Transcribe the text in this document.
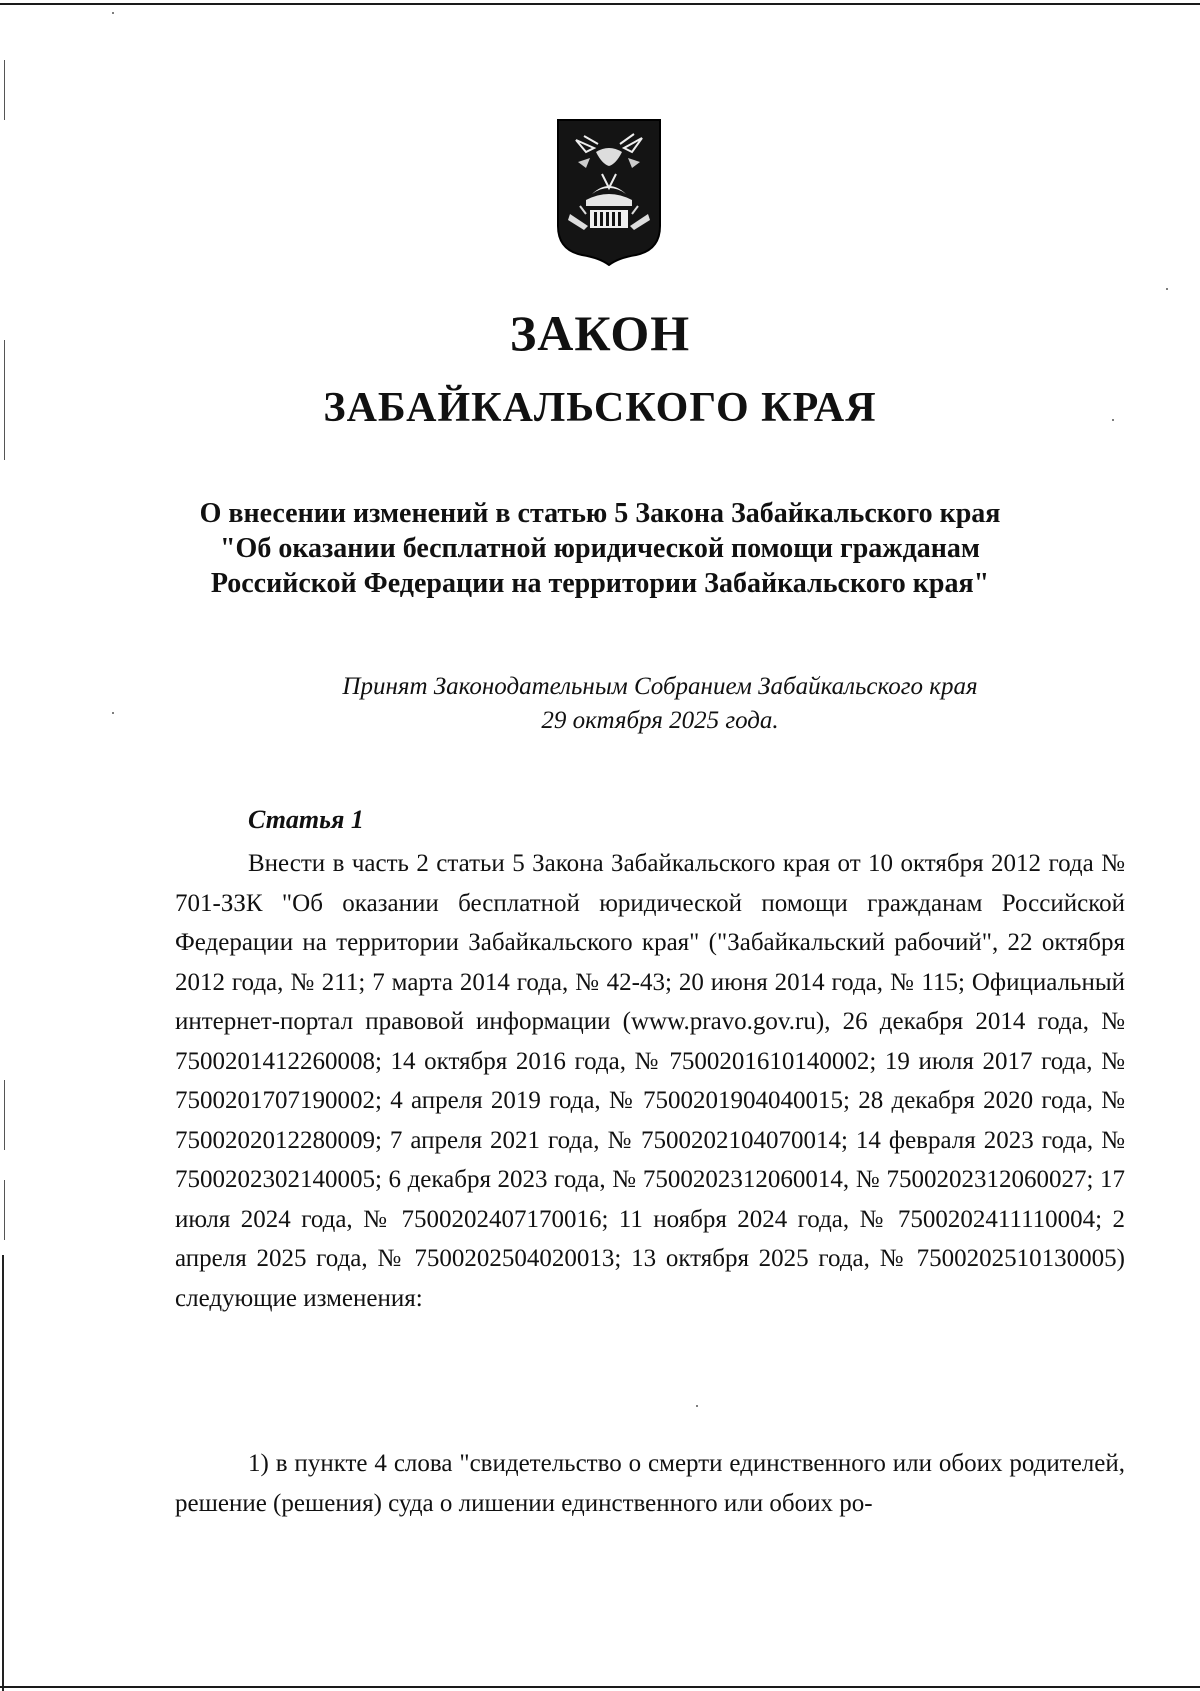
ЗАКОН
ЗАБАЙКАЛЬСКОГО КРАЯ
О внесении изменений в статью 5 Закона Забайкальского края
"Об оказании бесплатной юридической помощи гражданам
Российской Федерации на территории Забайкальского края"
Принят Законодательным Собранием Забайкальского края
29 октября 2025 года.
Статья 1

Внести в часть 2 статьи 5 Закона Забайкальского края от 10 октября 2012 года № 701-ЗЗК "Об оказании бесплатной юридической помощи гражданам Российской Федерации на территории Забайкальского края" ("Забайкальский рабочий", 22 октября 2012 года, № 211; 7 марта 2014 года, № 42-43; 20 июня 2014 года, № 115; Официальный интернет-портал правовой информации (www.pravo.gov.ru), 26 декабря 2014 года, № 7500201412260008; 14 октября 2016 года, № 7500201610140002; 19 июля 2017 года, № 7500201707190002; 4 апреля 2019 года, № 7500201904040015; 28 декабря 2020 года, № 7500202012280009; 7 апреля 2021 года, № 7500202104070014; 14 февраля 2023 года, № 7500202302140005; 6 декабря 2023 года, № 7500202312060014, № 7500202312060027; 17 июля 2024 года, № 7500202407170016; 11 ноября 2024 года, № 7500202411110004; 2 апреля 2025 года, № 7500202504020013; 13 октября 2025 года, № 7500202510130005) следующие изменения:

1) в пункте 4 слова "свидетельство о смерти единственного или обоих родителей, решение (решения) суда о лишении единственного или обоих ро-
